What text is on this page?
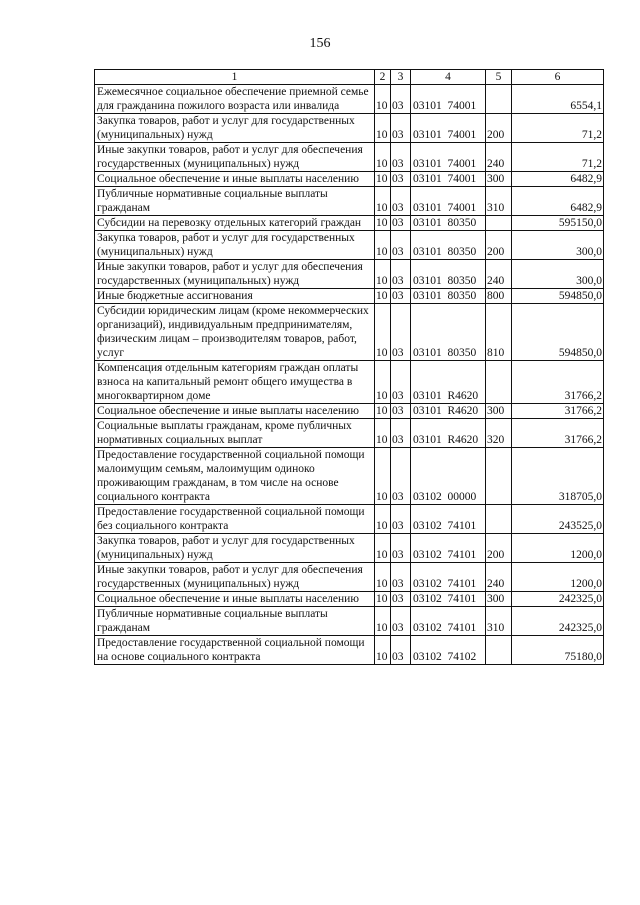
156
1	2	3	4	5	6
Ежемесячное социальное обеспечение приемной семье для гражданина пожилого возраста или инвалида	10	03	03101  74001		6554,1
Закупка товаров, работ и услуг для государственных (муниципальных) нужд	10	03	03101  74001	200	71,2
Иные закупки товаров, работ и услуг для обеспечения государственных (муниципальных) нужд	10	03	03101  74001	240	71,2
Социальное обеспечение и иные выплаты населению	10	03	03101  74001	300	6482,9
Публичные нормативные социальные выплаты гражданам	10	03	03101  74001	310	6482,9
Субсидии на перевозку отдельных категорий граждан	10	03	03101  80350		595150,0
Закупка товаров, работ и услуг для государственных (муниципальных) нужд	10	03	03101  80350	200	300,0
Иные закупки товаров, работ и услуг для обеспечения государственных (муниципальных) нужд	10	03	03101  80350	240	300,0
Иные бюджетные ассигнования	10	03	03101  80350	800	594850,0
Субсидии юридическим лицам (кроме некоммерческих организаций), индивидуальным предпринимателям, физическим лицам – производителям товаров, работ, услуг	10	03	03101  80350	810	594850,0
Компенсация отдельным категориям граждан оплаты взноса на капитальный ремонт общего имущества в многоквартирном доме	10	03	03101  R4620		31766,2
Социальное обеспечение и иные выплаты населению	10	03	03101  R4620	300	31766,2
Социальные выплаты гражданам, кроме публичных нормативных социальных выплат	10	03	03101  R4620	320	31766,2
Предоставление государственной социальной помощи малоимущим семьям, малоимущим одиноко проживающим гражданам, в том числе на основе социального контракта	10	03	03102  00000		318705,0
Предоставление государственной социальной помощи без социального контракта	10	03	03102  74101		243525,0
Закупка товаров, работ и услуг для государственных (муниципальных) нужд	10	03	03102  74101	200	1200,0
Иные закупки товаров, работ и услуг для обеспечения государственных (муниципальных) нужд	10	03	03102  74101	240	1200,0
Социальное обеспечение и иные выплаты населению	10	03	03102  74101	300	242325,0
Публичные нормативные социальные выплаты гражданам	10	03	03102  74101	310	242325,0
Предоставление государственной социальной помощи на основе социального контракта	10	03	03102  74102		75180,0
